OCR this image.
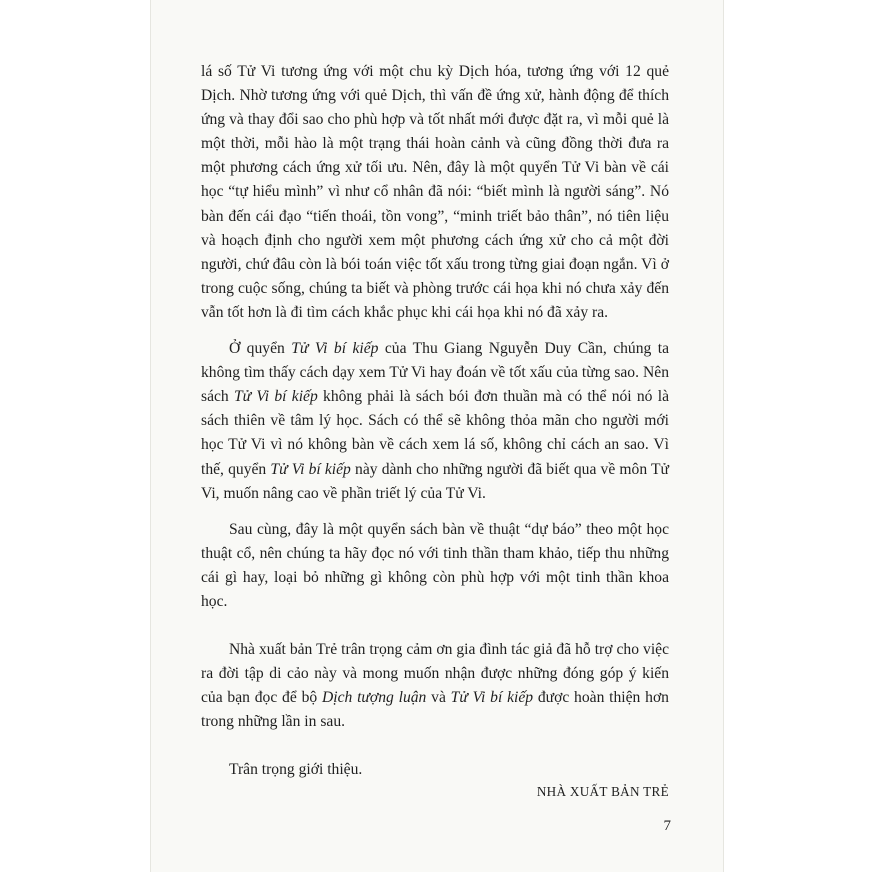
lá số Tử Vi tương ứng với một chu kỳ Dịch hóa, tương ứng với 12 quẻ Dịch. Nhờ tương ứng với quẻ Dịch, thì vấn đề ứng xử, hành động để thích ứng và thay đổi sao cho phù hợp và tốt nhất mới được đặt ra, vì mỗi quẻ là một thời, mỗi hào là một trạng thái hoàn cảnh và cũng đồng thời đưa ra một phương cách ứng xử tối ưu. Nên, đây là một quyển Tử Vi bàn về cái học “tự hiểu mình” vì như cổ nhân đã nói: “biết mình là người sáng”. Nó bàn đến cái đạo “tiến thoái, tồn vong”, “minh triết bảo thân”, nó tiên liệu và hoạch định cho người xem một phương cách ứng xử cho cả một đời người, chứ đâu còn là bói toán việc tốt xấu trong từng giai đoạn ngắn. Vì ở trong cuộc sống, chúng ta biết và phòng trước cái họa khi nó chưa xảy đến vẫn tốt hơn là đi tìm cách khắc phục khi cái họa khi nó đã xảy ra.

Ở quyển Tử Vi bí kiếp của Thu Giang Nguyễn Duy Cần, chúng ta không tìm thấy cách dạy xem Tử Vi hay đoán về tốt xấu của từng sao. Nên sách Tử Vi bí kiếp không phải là sách bói đơn thuần mà có thể nói nó là sách thiên về tâm lý học. Sách có thể sẽ không thỏa mãn cho người mới học Tử Vi vì nó không bàn về cách xem lá số, không chỉ cách an sao. Vì thế, quyển Tử Vi bí kiếp này dành cho những người đã biết qua về môn Tử Vi, muốn nâng cao về phần triết lý của Tử Vi.

Sau cùng, đây là một quyển sách bàn về thuật “dự báo” theo một học thuật cổ, nên chúng ta hãy đọc nó với tinh thần tham khảo, tiếp thu những cái gì hay, loại bỏ những gì không còn phù hợp với một tinh thần khoa học.

Nhà xuất bản Trẻ trân trọng cảm ơn gia đình tác giả đã hỗ trợ cho việc ra đời tập di cảo này và mong muốn nhận được những đóng góp ý kiến của bạn đọc để bộ Dịch tượng luận và Tử Vi bí kiếp được hoàn thiện hơn trong những lần in sau.

Trân trọng giới thiệu.

NHÀ XUẤT BẢN TRẺ
7
